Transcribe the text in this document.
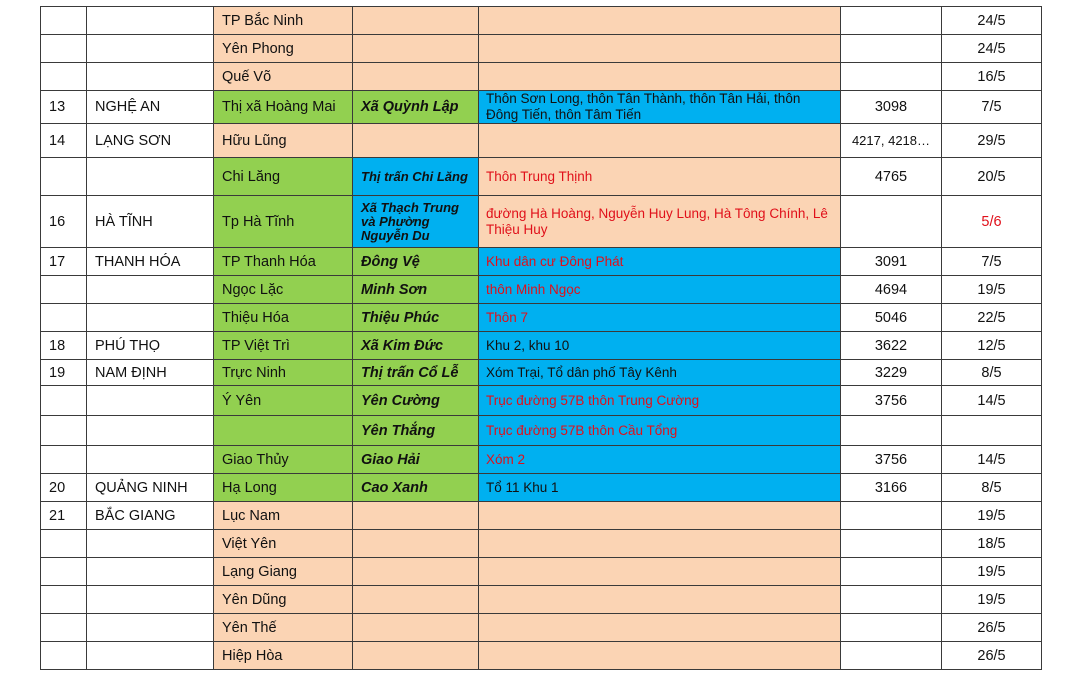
		TP Bắc Ninh				24/5
		Yên Phong				24/5
		Quế Võ				16/5
13	NGHỆ AN	Thị xã Hoàng Mai	Xã Quỳnh Lập	Thôn Sơn Long, thôn Tân Thành, thôn Tân Hải, thôn Đông Tiến, thôn Tâm Tiến	3098	7/5
14	LẠNG SƠN	Hữu Lũng			4217, 4218…	29/5
		Chi Lăng	Thị trấn Chi Lăng	Thôn Trung Thịnh	4765	20/5
16	HÀ TĨNH	Tp Hà Tĩnh	Xã Thạch Trung và Phường Nguyễn Du	đường Hà Hoàng, Nguyễn Huy Lung, Hà Tông Chính, Lê Thiệu Huy		5/6
17	THANH HÓA	TP Thanh Hóa	Đông Vệ	Khu dân cư Đông Phát	3091	7/5
		Ngọc Lặc	Minh Sơn	thôn Minh Ngọc	4694	19/5
		Thiệu Hóa	Thiệu Phúc	Thôn 7	5046	22/5
18	PHÚ THỌ	TP Việt Trì	Xã Kim Đức	Khu 2, khu 10	3622	12/5
19	NAM ĐỊNH	Trực Ninh	Thị trấn Cổ Lễ	Xóm Trại, Tổ dân phố Tây Kênh	3229	8/5
		Ý Yên	Yên Cường	Trục đường 57B thôn Trung Cường	3756	14/5
			Yên Thắng	Trục đường 57B thôn Cầu Tổng		
		Giao Thủy	Giao Hải	Xóm 2	3756	14/5
20	QUẢNG NINH	Hạ Long	Cao Xanh	Tổ 11 Khu 1	3166	8/5
21	BẮC GIANG	Lục Nam				19/5
		Việt Yên				18/5
		Lạng Giang				19/5
		Yên Dũng				19/5
		Yên Thế				26/5
		Hiệp Hòa				26/5
